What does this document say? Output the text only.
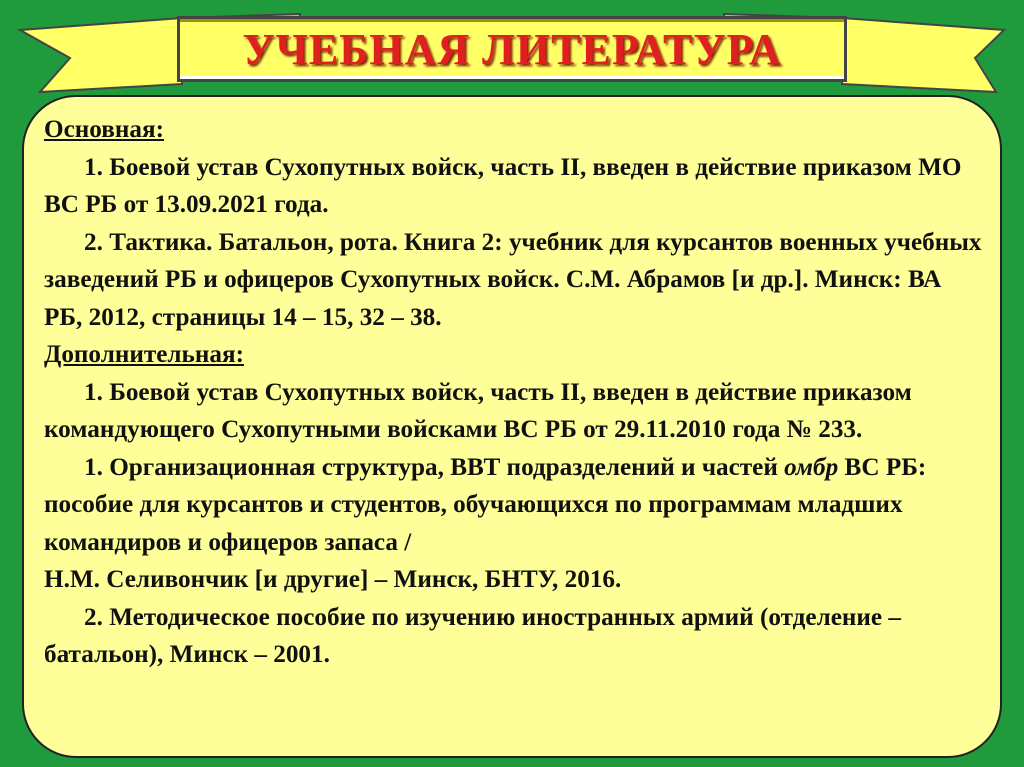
УЧЕБНАЯ ЛИТЕРАТУРА

Основная:

1. Боевой устав Сухопутных войск, часть II, введен в действие приказом МО ВС РБ от 13.09.2021 года.

2. Тактика. Батальон, рота. Книга 2: учебник для курсантов военных учебных заведений РБ и офицеров Сухопутных войск. С.М. Абрамов [и др.]. Минск: ВА РБ, 2012, страницы 14 – 15, 32 – 38.

Дополнительная:

1. Боевой устав Сухопутных войск, часть II, введен в действие приказом командующего Сухопутными войсками ВС РБ от 29.11.2010 года № 233.

1. Организационная структура, ВВТ подразделений и частей омбр ВС РБ: пособие для курсантов и студентов, обучающихся по программам младших командиров и офицеров запаса /

Н.М. Селивончик [и другие] – Минск, БНТУ, 2016.

2. Методическое пособие по изучению иностранных армий (отделение – батальон), Минск – 2001.
